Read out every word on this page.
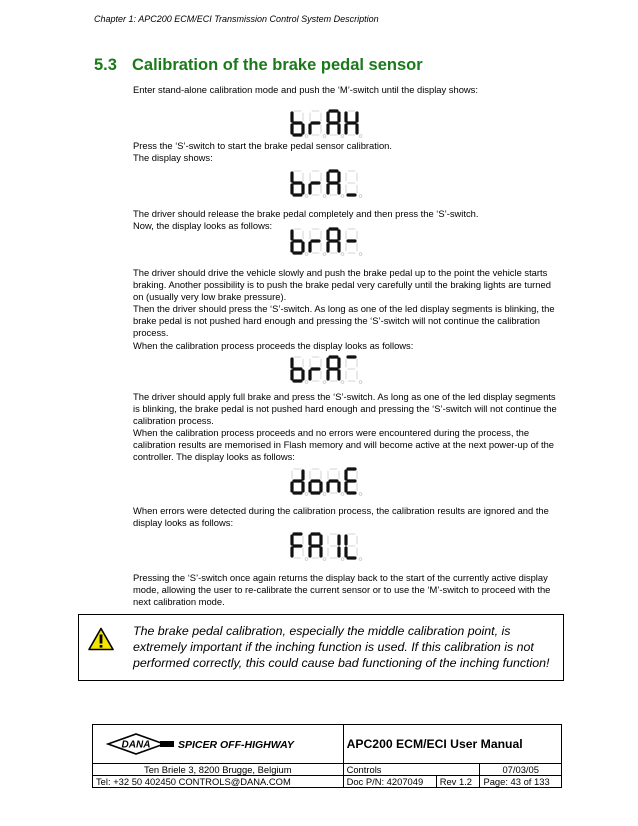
Chapter 1: APC200 ECM/ECI Transmission Control System Description
5.3 Calibration of the brake pedal sensor

Enter stand-alone calibration mode and push the ‘M’-switch until the display shows:

Press the ‘S’-switch to start the brake pedal sensor calibration.

The display shows:

The driver should release the brake pedal completely and then press the ‘S’-switch.

Now, the display looks as follows:

The driver should drive the vehicle slowly and push the brake pedal up to the point the vehicle starts braking. Another possibility is to push the brake pedal very carefully until the braking lights are turned on (usually very low brake pressure).

Then the driver should press the ‘S’-switch. As long as one of the led display segments is blinking, the brake pedal is not pushed hard enough and pressing the ‘S’-switch will not continue the calibration process.

When the calibration process proceeds the display looks as follows:

The driver should apply full brake and press the ‘S’-switch. As long as one of the led display segments is blinking, the brake pedal is not pushed hard enough and pressing the ‘S’-switch will not continue the calibration process.

When the calibration process proceeds and no errors were encountered during the process, the calibration results are memorised in Flash memory and will become active at the next power-up of the controller. The display looks as follows:

When errors were detected during the calibration process, the calibration results are ignored and the display looks as follows:

Pressing the ‘S’-switch once again returns the display back to the start of the currently active display mode, allowing the user to re-calibrate the current sensor or to use the ‘M’-switch to proceed with the next calibration mode.

The brake pedal calibration, especially the middle calibration point, is extremely important if the inching function is used. If this calibration is not performed correctly, this could cause bad functioning of the inching function!
DANA SPICER OFF-HIGHWAY	APC200 ECM/ECI User Manual		
Ten Briele 3, 8200 Brugge, Belgium	Controls		07/03/05
Tel: +32 50 402450 CONTROLS@DANA.COM	Doc P/N: 4207049	Rev 1.2	Page: 43 of 133
